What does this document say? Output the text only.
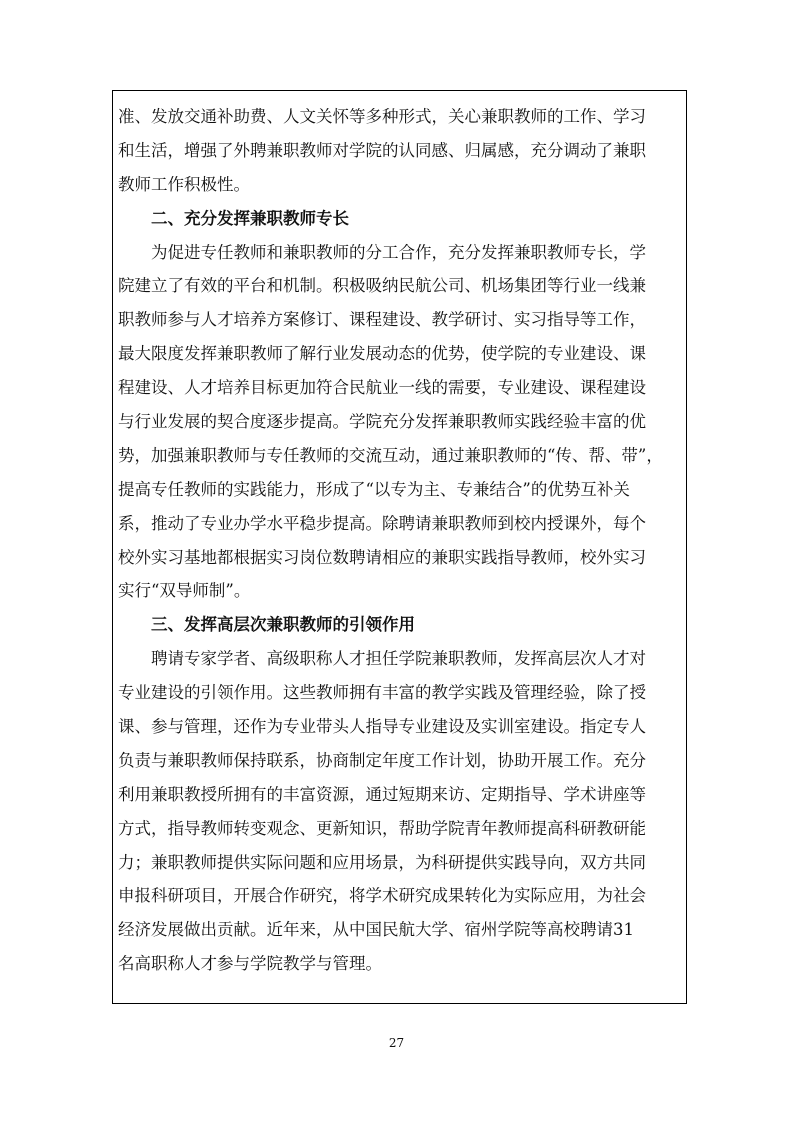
准、发放交通补助费、人文关怀等多种形式，关心兼职教师的工作、学习
和生活，增强了外聘兼职教师对学院的认同感、归属感，充分调动了兼职
教师工作积极性。
　　二、充分发挥兼职教师专长
　　为促进专任教师和兼职教师的分工合作，充分发挥兼职教师专长，学
院建立了有效的平台和机制。积极吸纳民航公司、机场集团等行业一线兼
职教师参与人才培养方案修订、课程建设、教学研讨、实习指导等工作，
最大限度发挥兼职教师了解行业发展动态的优势，使学院的专业建设、课
程建设、人才培养目标更加符合民航业一线的需要，专业建设、课程建设
与行业发展的契合度逐步提高。学院充分发挥兼职教师实践经验丰富的优
势，加强兼职教师与专任教师的交流互动，通过兼职教师的“传、帮、带”，
提高专任教师的实践能力，形成了“以专为主、专兼结合”的优势互补关
系，推动了专业办学水平稳步提高。除聘请兼职教师到校内授课外，每个
校外实习基地都根据实习岗位数聘请相应的兼职实践指导教师，校外实习
实行“双导师制”。
　　三、发挥高层次兼职教师的引领作用
　　聘请专家学者、高级职称人才担任学院兼职教师，发挥高层次人才对
专业建设的引领作用。这些教师拥有丰富的教学实践及管理经验，除了授
课、参与管理，还作为专业带头人指导专业建设及实训室建设。指定专人
负责与兼职教师保持联系，协商制定年度工作计划，协助开展工作。充分
利用兼职教授所拥有的丰富资源，通过短期来访、定期指导、学术讲座等
方式，指导教师转变观念、更新知识，帮助学院青年教师提高科研教研能
力；兼职教师提供实际问题和应用场景，为科研提供实践导向，双方共同
申报科研项目，开展合作研究，将学术研究成果转化为实际应用，为社会
经济发展做出贡献。近年来，从中国民航大学、宿州学院等高校聘请31
名高职称人才参与学院教学与管理。
27
